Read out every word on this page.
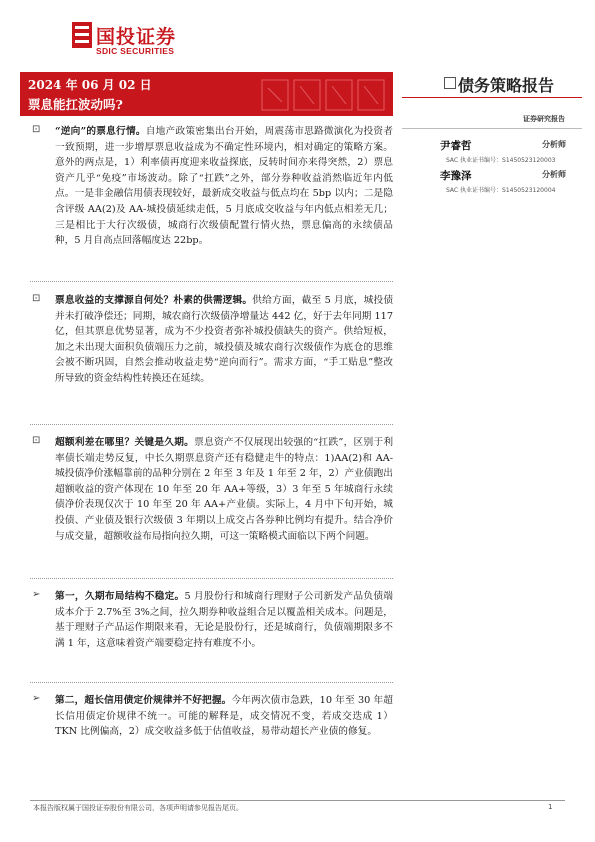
国投证券
SDIC SECURITIES
2024 年 06 月 02 日
票息能扛波动吗?
债务策略报告
证券研究报告
尹睿哲	分析师
SAC 执业证书编号：S1450523120003
李豫泽	分析师
SAC 执业证书编号：S1450523120004
⊡ “逆向”的票息行情。自地产政策密集出台开始，周震荡市思路微演化为投资者一致预期，进一步增厚票息收益成为不确定性环境内，相对确定的策略方案。意外的两点是，1）利率债再度迎来收益探底，反转时间亦来得突然，2）票息资产几乎“免疫”市场波动。除了“扛跌”之外，部分券种收益消然临近年内低点。一是非金融信用债表现较好，最新成交收益与低点均在 5bp 以内；二是隐含评级 AA(2)及 AA-城投债延续走低，5 月底成交收益与年内低点相差无几；三是相比于大行次级债，城商行次级债配置行情火热，票息偏高的永续债品种，5 月自高点回落幅度达 22bp。
⊡ 票息收益的支撑源自何处？朴素的供需逻辑。供给方面，截至 5 月底，城投债并未打破净偿还；同期，城农商行次级债净增量达 442 亿，好于去年同期 117 亿，但其票息优势显著，成为不少投资者弥补城投债缺失的资产。供给短板，加之未出现大面积负债端压力之前，城投债及城农商行次级债作为底仓的思维会被不断巩固，自然会推动收益走势“逆向而行”。需求方面，“手工贴息”整改所导致的资金结构性转换还在延续。
⊡ 超额利差在哪里？关键是久期。票息资产不仅展现出较强的“扛跌”，区别于利率债长端走势反复，中长久期票息资产还有稳健走牛的特点：1)AA(2)和 AA-城投债净价涨幅靠前的品种分别在 2 年至 3 年及 1 年至 2 年，2）产业债跑出超额收益的资产体现在 10 年至 20 年 AA+等级，3）3 年至 5 年城商行永续债净价表现仅次于 10 年至 20 年 AA+产业债。实际上，4 月中下旬开始，城投债、产业债及银行次级债 3 年期以上成交占各券种比例均有提升。结合净价与成交量，超额收益布局指向拉久期，可这一策略模式面临以下两个问题。
➢ 第一，久期布局结构不稳定。5 月股份行和城商行理财子公司新发产品负债端成本介于 2.7%至 3%之间，拉久期券种收益组合足以覆盖相关成本。问题是，基于理财子产品运作期限来看，无论是股份行，还是城商行，负债端期限多不满 1 年，这意味着资产端要稳定持有难度不小。
➢ 第二，超长信用债定价规律并不好把握。今年两次债市急跌，10 年至 30 年超长信用债定价规律不统一。可能的解释是，成交情况不变，若成交迭成 1）TKN 比例偏高，2）成交收益多低于估值收益，易带动超长产业债的修复。
本报告版权属于国投证券股份有限公司，各项声明请参见报告尾页。	1
